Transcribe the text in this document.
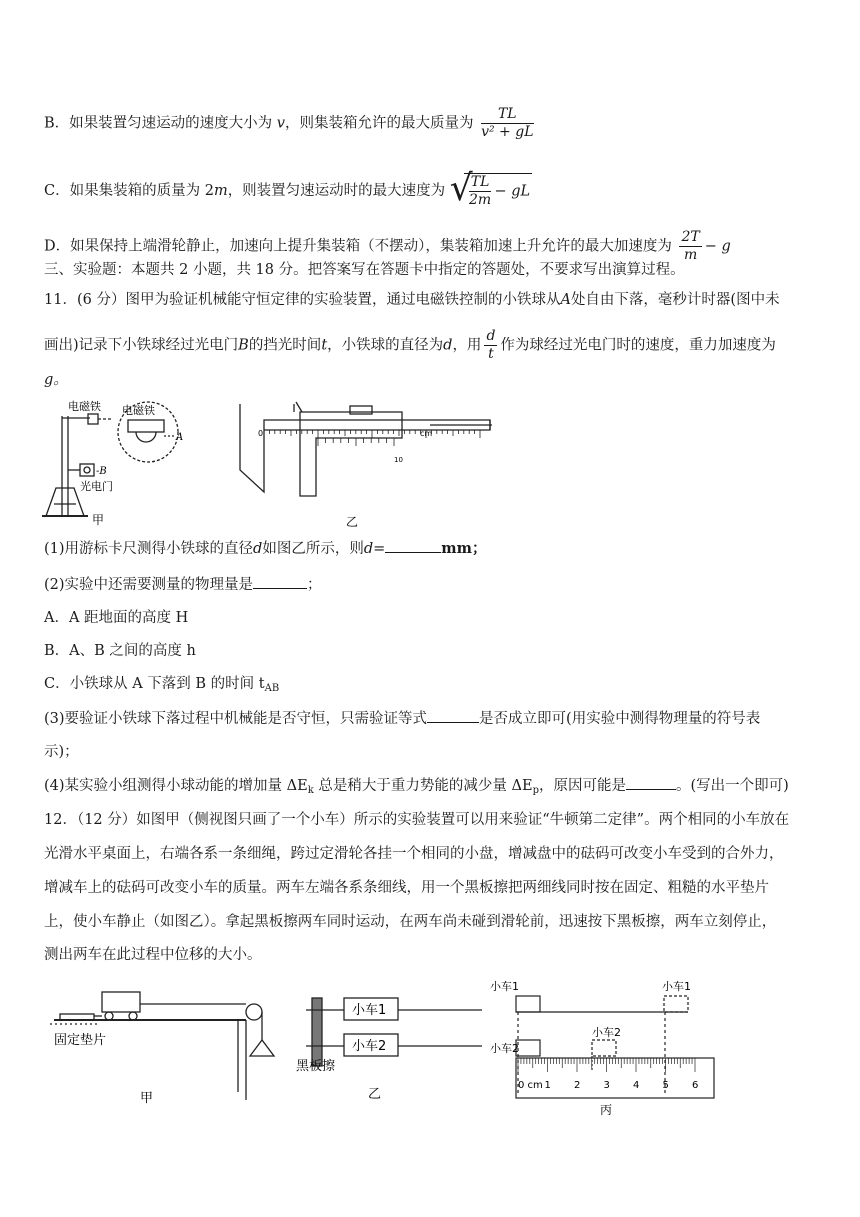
B．如果装置匀速运动的速度大小为 v，则集装箱允许的最大质量为 $\frac{TL}{\text{v² + gL}}$
C．如果集装箱的质量为 2m，则装置匀速运动时的最大速度为 √
$\frac{TL}{2m}$ − gL
D．如果保持上端滑轮静止，加速向上提升集装箱（不摆动），集装箱加速上升允许的最大加速度为 $\frac{2T}{m} - g$
三、实验题：本题共 2 小题，共 18 分。把答案写在答题卡中指定的答题处，不要求写出演算过程。
11．(6 分）图甲为验证机械能守恒定律的实验装置，通过电磁铁控制的小铁球从A处自由下落，毫秒计时器(图中未
画出)记录下小铁球经过光电门B的挡光时间t，小铁球的直径为d，用 $\frac{d}{t}$ 作为球经过光电门时的速度，重力加速度为
g。
电磁铁 电磁铁
A
-B
光电门
甲
0	cm
10
乙
(1)用游标卡尺测得小铁球的直径d如图乙所示，则d=	mm；
(2)实验中还需要测量的物理量是	；
A．A 距地面的高度 H
B．A、B 之间的高度 h
C．小铁球从 A 下落到 B 的时间 $t_{AB}$
(3)要验证小铁球下落过程中机械能是否守恒，只需验证等式	是否成立即可(用实验中测得物理量的符号表
示)；
(4)某实验小组测得小球动能的增加量 $\Delta E_k$ 总是稍大于重力势能的减少量 $\Delta E_p$，原因可能是	。(写出一个即可)
12．（12 分）如图甲（侧视图只画了一个小车）所示的实验装置可以用来验证“牛顿第二定律”。两个相同的小车放在
光滑水平桌面上，右端各系一条细绳，跨过定滑轮各挂一个相同的小盘，增减盘中的砝码可改变小车受到的合外力，
增减车上的砝码可改变小车的质量。两车左端各系条细线，用一个黑板擦把两细线同时按在固定、粗糙的水平垫片
上，使小车静止（如图乙）。拿起黑板擦两车同时运动，在两车尚未碰到滑轮前，迅速按下黑板擦，两车立刻停止，
测出两车在此过程中位移的大小。
固定垫片
甲
小车1
小车2
黑板擦
乙
0 cm 1 2 3 4 5 6
小车1	小车1
小车2
小车2
丙
